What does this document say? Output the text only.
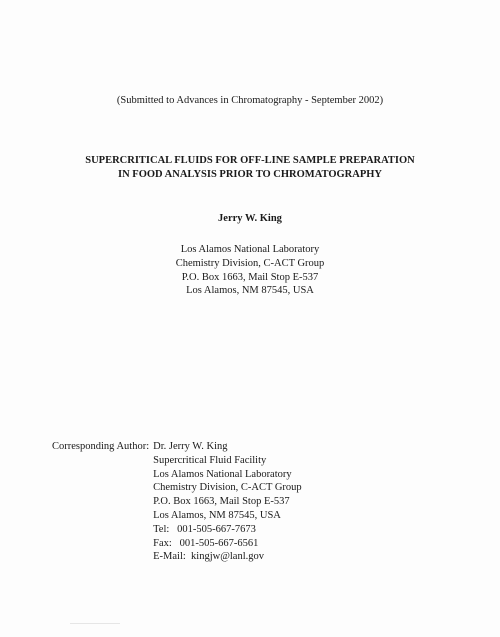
(Submitted to Advances in Chromatography - September 2002)
SUPERCRITICAL FLUIDS FOR OFF-LINE SAMPLE PREPARATION
IN FOOD ANALYSIS PRIOR TO CHROMATOGRAPHY
Jerry W. King
Los Alamos National Laboratory
Chemistry Division, C-ACT Group
P.O. Box 1663, Mail Stop E-537
Los Alamos, NM 87545, USA
Corresponding Author: Dr. Jerry W. King
Supercritical Fluid Facility
Los Alamos National Laboratory
Chemistry Division, C-ACT Group
P.O. Box 1663, Mail Stop E-537
Los Alamos, NM 87545, USA
Tel:   001-505-667-7673
Fax:   001-505-667-6561
E-Mail:  kingjw@lanl.gov
